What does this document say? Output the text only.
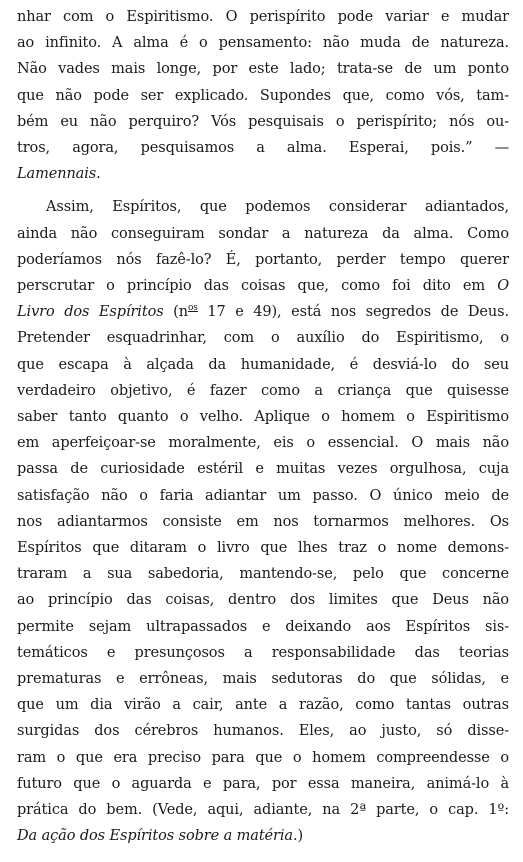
nhar com o Espiritismo. O perispírito pode variar e mudar
ao infinito. A alma é o pensamento: não muda de natureza.
Não vades mais longe, por este lado; trata-se de um ponto
que não pode ser explicado. Supondes que, como vós, tam-
bém eu não perquiro? Vós pesquisais o perispírito; nós ou-
tros, agora, pesquisamos a alma. Esperai, pois.” —
Lamennais.

Assim, Espíritos, que podemos considerar adiantados,
ainda não conseguiram sondar a natureza da alma. Como
poderíamos nós fazê-lo? É, portanto, perder tempo querer
perscrutar o princípio das coisas que, como foi dito em O
Livro dos Espíritos ($n^{os}$ 17 e 49), está nos segredos de Deus.
Pretender esquadrinhar, com o auxílio do Espiritismo, o
que escapa à alçada da humanidade, é desviá-lo do seu
verdadeiro objetivo, é fazer como a criança que quisesse
saber tanto quanto o velho. Aplique o homem o Espiritismo
em aperfeiçoar-se moralmente, eis o essencial. O mais não
passa de curiosidade estéril e muitas vezes orgulhosa, cuja
satisfação não o faria adiantar um passo. O único meio de
nos adiantarmos consiste em nos tornarmos melhores. Os
Espíritos que ditaram o livro que lhes traz o nome demons-
traram a sua sabedoria, mantendo-se, pelo que concerne
ao princípio das coisas, dentro dos limites que Deus não
permite sejam ultrapassados e deixando aos Espíritos sis-
temáticos e presunçosos a responsabilidade das teorias
prematuras e errôneas, mais sedutoras do que sólidas, e
que um dia virão a cair, ante a razão, como tantas outras
surgidas dos cérebros humanos. Eles, ao justo, só disse-
ram o que era preciso para que o homem compreendesse o
futuro que o aguarda e para, por essa maneira, animá-lo à
prática do bem. (Vede, aqui, adiante, na 2ª parte, o cap. 1º:
Da ação dos Espíritos sobre a matéria.)
